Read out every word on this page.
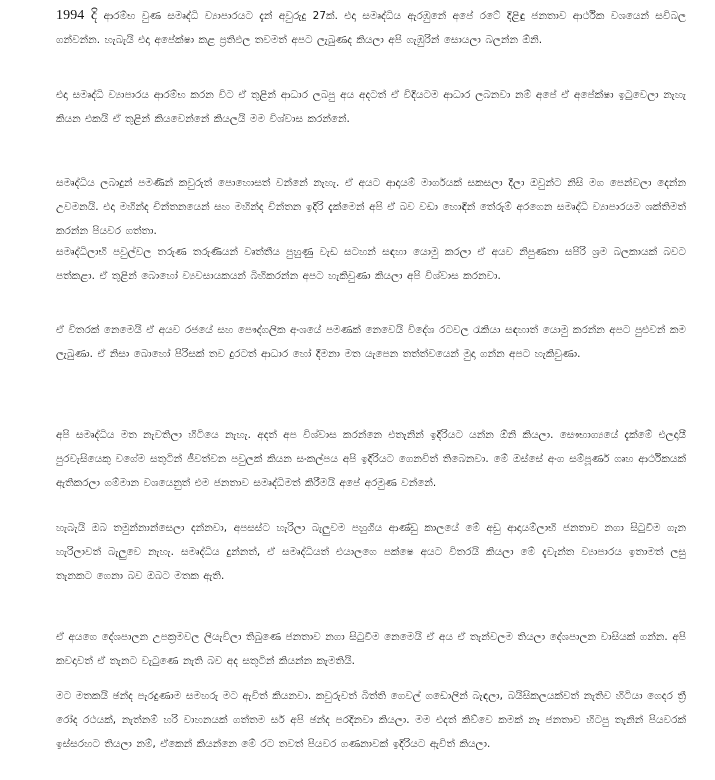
1994 දි ආරම්භ වුණ සමෘද්ධි ව්‍යාපාරයට දැන් අවුරුදු 27ක්. එදා සමෘද්ධිය ඇරඹුනේ අපේ රටේ දිළිඳු ජනතාව ආර්ථික වශයෙන් සවිබල ගන්වන්න. හැබැයි එදා අපේක්ෂා කළ ප්‍රතිඵල තවමත් අපට ලැබුණද කියලා අපි ගැඹුරින් සොයලා බලන්න ඕනි.

එදා සමෘද්ධි ව්‍යාපාරය ආරම්භ කරන විට ඒ තුළින් ආධාර ලබපු අය අදටත් ඒ විදියටම ආධාර ලබනවා නම් අපේ ඒ අපේක්ෂා ඉටුවෙලා නැහැ කියන එකයි ඒ තුළින් කියවෙන්නේ කියලයි මම විශ්වාස කරන්නේ.

සමෘද්ධිය ලබාදුන් පමණින් කවුරුත් පොහොසත් වන්නේ නැහැ. ඒ අයට ආදායම් මාර්ගයක් සකසලා දීලා ඔවුන්ට නිසි මග පෙන්වලා දෙන්න උවමනයි. එදා මහින්ද චින්තනයෙන් සහ මහින්ද චින්තන ඉදිරි දැක්මෙන් අපි ඒ බව වඩා හොඳින් තේරුම් අරගෙන සමෘද්ධි ව්‍යාපාරයම ශක්තිමත් කරන්න පියවර ගත්තා.

සමෘද්ධිලාභි පවුල්වල තරුණ තරුණියන් වෘත්තීය පුහුණු වැඩ සටහන් සඳහා යොමු කරලා ඒ අයව නිපුණතා සපිරි ශ්‍රම බලකායක් බවට පත්කළා. ඒ තුළින් බොහෝ ව්‍යවසායකයන් බිහිකරන්න අපට හැකිවුණා කියලා අපි විශ්වාස කරනවා.

ඒ විතරක් නෙමෙයි ඒ අයව රජයේ සහ පෞද්ගලික අංශයේ පමණක් නෙවෙයි විදේශ රටවල රැකියා සඳහාත් යොමු කරන්න අපට පුළුවන් කම ලැබුණා. ඒ නිසා බොහෝ පිරිසක් තව දුරටත් ආධාර හෝ දීමනා මත යැපෙන තත්ත්වයෙන් මුදා ගන්න අපට හැකිවුණා.

අපි සමෘද්ධිය මත නැවතිලා හිටියෙ නැහැ. අදත් අප විශ්වාස කරන්නෙ එතැනින් ඉදිරියට යන්න ඕනි කියලා. සෞභාග්‍යයේ දැක්මේ එලදායී පුරවැසියෙකු වගේම සතුටින් ජීවත්වන පවුලක් කියන සංකල්පය අපි ඉදිරියට ගෙනවිත් තිබෙනවා. මේ ඔස්සේ අංග සම්පූර්ණ ගෘහ ආර්ථිකයක් ඇතිකරලා ගම්මාන වශයෙනුත් එම ජනතාව සමෘද්ධිමත් කිරීමයි අපේ අරමුණ වන්නේ.

හැබැයි ඔබ තමුන්නාන්සෙලා දන්නවා, අපසස්ට හැරිලා බැලුවම පහුගිය ආණ්ඩු කාලයේ මේ අඩු ආදායම්ලාභි ජනතාව නගා සිටුවීම ගැන හැරිලාවත් බැලුවෙ නැහැ. සමෘද්ධිය දුන්නත්, ඒ සමෘද්ධියත් එයාලගෙ පක්ෂෙ අයට විතරයි කියලා මේ දැවැන්ත ව්‍යාපාරය ඉතාමත් ලසු තැනකට ගෙනා බව ඔබට මතක ඇති.

ඒ අයගෙ දේශපාලන උපක්‍රමවල ලියැවිලා තිබුණෙ ජනතාව නගා සිටුවීම නෙමෙයි ඒ අය ඒ තැන්වලම තියලා දේශපාලන වාසියක් ගන්න. අපි කවදාවත් ඒ තැනට වැටුණෙ නැති බව අද සතුටින් කියන්න කැමතියි.

මට මතකයි ඡන්ද පැරදුණාම සමහරු මට ඇවිත් කියනවා. කවුරුවත් බිත්ති ගෙවල් ගඩොලින් බැඳලා, බයිසිකලයක්වත් නැතිව හිටියා ගෙදර ත්‍රී රෝද රථයක්, නැත්නම් හරි වාහනයක් ගත්තම සර් අපි ඡන්ද පරදිනවා කියලා. මම එදත් කිව්වෙ කමක් නෑ ජනතාව හිටපු තැනින් පියවරක් ඉස්සරහට තියලා නම්, ඒකෙන් කියන්නෙ මේ රට තවත් පියවර ගණනාවක් ඉදිරියට ඇවිත් කියලා.
